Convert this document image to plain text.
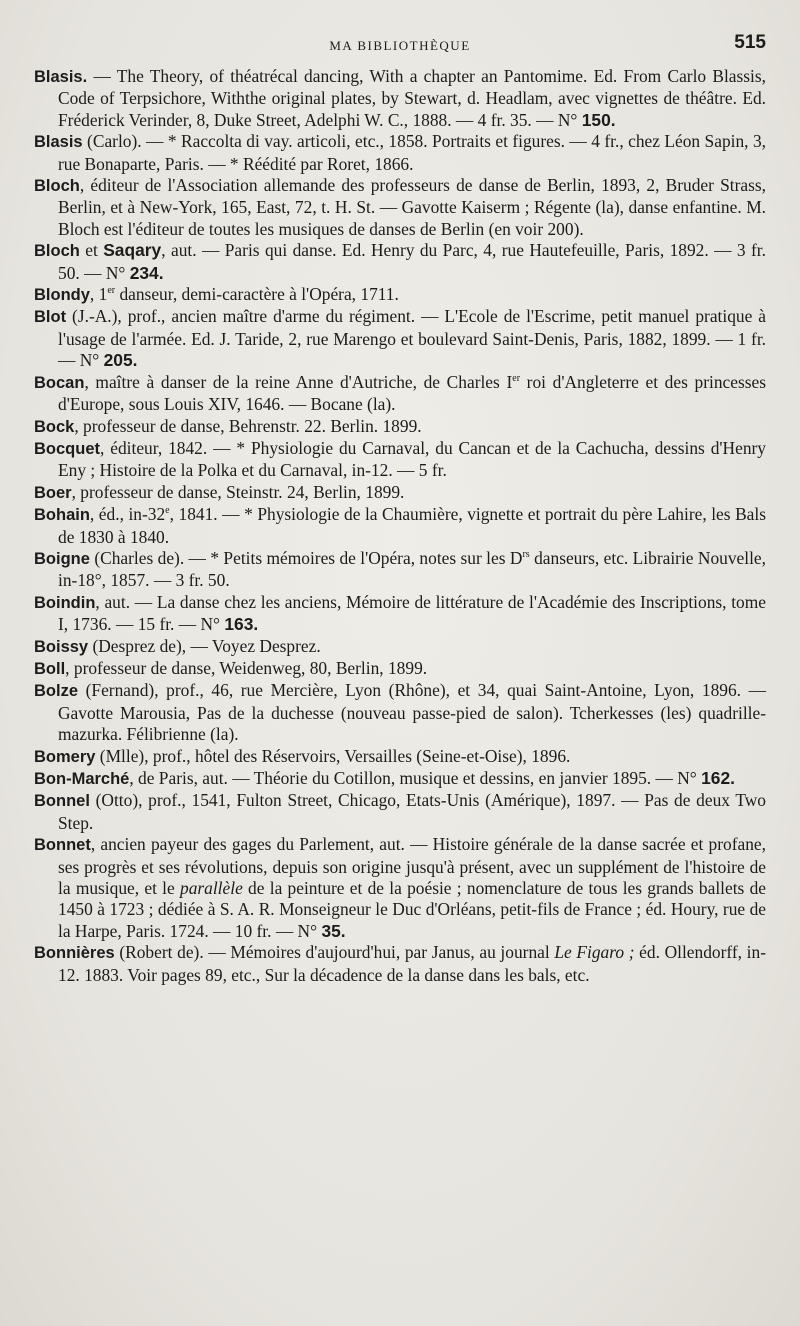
MA BIBLIOTHÈQUE	515

Blasis. — The Theory, of théatrécal dancing, With a chapter an Pantomime. Ed. From Carlo Blassis, Code of Terpsichore, Withthe original plates, by Stewart, d. Headlam, avec vignettes de théâtre. Ed. Fréderick Verinder, 8, Duke Street, Adelphi W. C., 1888. — 4 fr. 35. — N° 150.

Blasis (Carlo). — * Raccolta di vay. articoli, etc., 1858. Portraits et figures. — 4 fr., chez Léon Sapin, 3, rue Bonaparte, Paris. — * Réédité par Roret, 1866.

Bloch, éditeur de l'Association allemande des professeurs de danse de Berlin, 1893, 2, Bruder Strass, Berlin, et à New-York, 165, East, 72, t. H. St. — Gavotte Kaiserm ; Régente (la), danse enfantine. M. Bloch est l'éditeur de toutes les musiques de danses de Berlin (en voir 200).

Bloch et Saqary, aut. — Paris qui danse. Ed. Henry du Parc, 4, rue Hautefeuille, Paris, 1892. — 3 fr. 50. — N° 234.

Blondy, 1er danseur, demi-caractère à l'Opéra, 1711.

Blot (J.-A.), prof., ancien maître d'arme du régiment. — L'Ecole de l'Escrime, petit manuel pratique à l'usage de l'armée. Ed. J. Taride, 2, rue Marengo et boulevard Saint-Denis, Paris, 1882, 1899. — 1 fr. — N° 205.

Bocan, maître à danser de la reine Anne d'Autriche, de Charles Ier roi d'Angleterre et des princesses d'Europe, sous Louis XIV, 1646. — Bocane (la).

Bock, professeur de danse, Behrenstr. 22. Berlin. 1899.

Bocquet, éditeur, 1842. — * Physiologie du Carnaval, du Cancan et de la Cachucha, dessins d'Henry Eny ; Histoire de la Polka et du Carnaval, in-12. — 5 fr.

Boer, professeur de danse, Steinstr. 24, Berlin, 1899.

Bohain, éd., in-32e, 1841. — * Physiologie de la Chaumière, vignette et portrait du père Lahire, les Bals de 1830 à 1840.

Boigne (Charles de). — * Petits mémoires de l'Opéra, notes sur les $D^{rs}$ danseurs, etc. Librairie Nouvelle, in-18°, 1857. — 3 fr. 50.

Boindin, aut. — La danse chez les anciens, Mémoire de littérature de l'Académie des Inscriptions, tome I, 1736. — 15 fr. — N° 163.

Boissy (Desprez de), — Voyez Desprez.

Boll, professeur de danse, Weidenweg, 80, Berlin, 1899.

Bolze (Fernand), prof., 46, rue Mercière, Lyon (Rhône), et 34, quai Saint-Antoine, Lyon, 1896. — Gavotte Marousia, Pas de la duchesse (nouveau passe-pied de salon). Tcherkesses (les) quadrille-mazurka. Félibrienne (la).

Bomery (Mlle), prof., hôtel des Réservoirs, Versailles (Seine-et-Oise), 1896.

Bon-Marché, de Paris, aut. — Théorie du Cotillon, musique et dessins, en janvier 1895. — N° 162.

Bonnel (Otto), prof., 1541, Fulton Street, Chicago, Etats-Unis (Amérique), 1897. — Pas de deux Two Step.

Bonnet, ancien payeur des gages du Parlement, aut. — Histoire générale de la danse sacrée et profane, ses progrès et ses révolutions, depuis son origine jusqu'à présent, avec un supplément de l'histoire de la musique, et le parallèle de la peinture et de la poésie ; nomenclature de tous les grands ballets de 1450 à 1723 ; dédiée à S. A. R. Monseigneur le Duc d'Orléans, petit-fils de France ; éd. Houry, rue de la Harpe, Paris. 1724. — 10 fr. — N° 35.

Bonnières (Robert de). — Mémoires d'aujourd'hui, par Janus, au journal Le Figaro ; éd. Ollendorff, in-12. 1883. Voir pages 89, etc., Sur la décadence de la danse dans les bals, etc.
